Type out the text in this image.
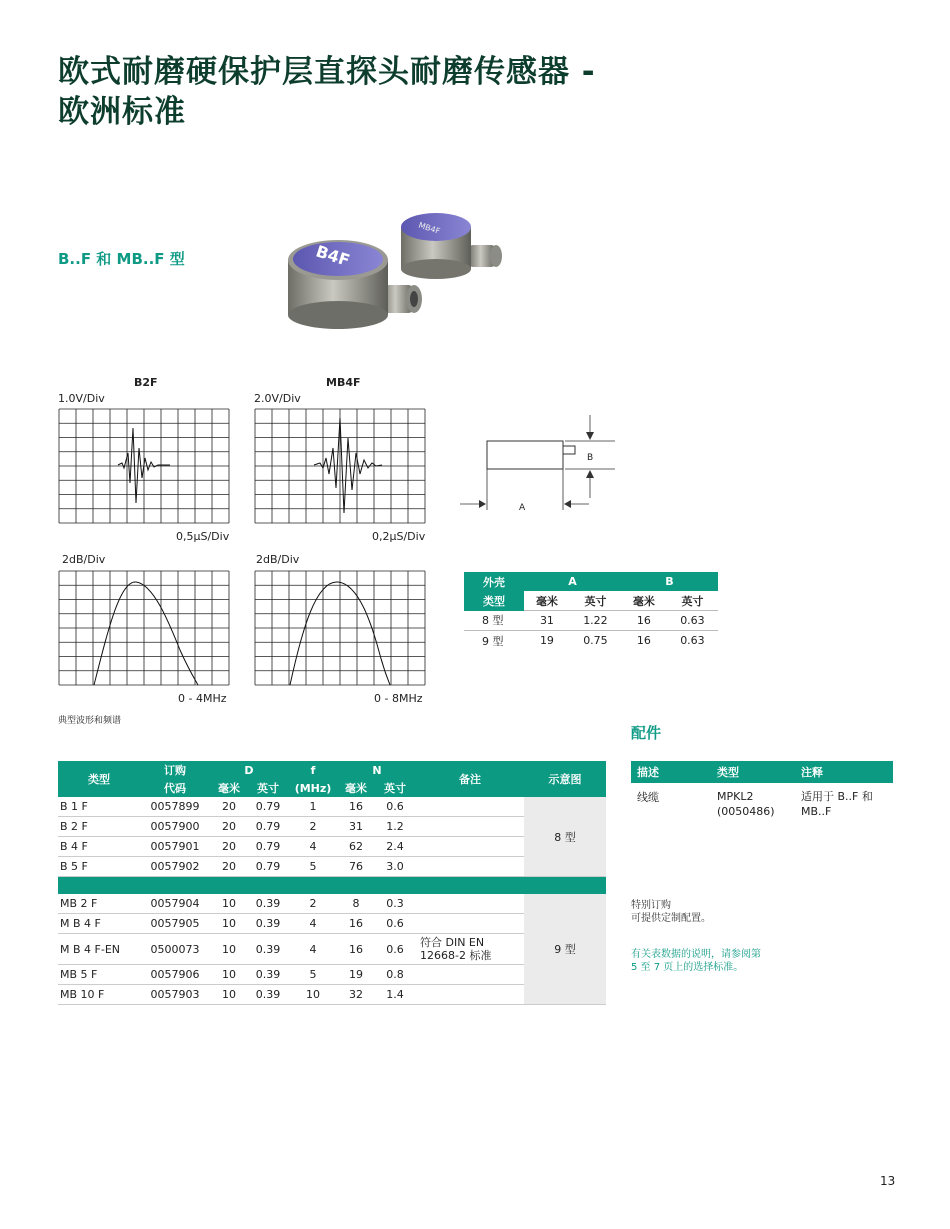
欧式耐磨硬保护层直探头耐磨传感器 -
欧洲标准
B..F 和 MB..F 型
MB4F
B4F
B2F
1.0V/Div
0,5µS/Div
2dB/Div
0 - 4MHz
MB4F
2.0V/Div
0,2µS/Div
2dB/Div
0 - 8MHz
典型波形和频谱
B
A
外壳	A		B	
类型	毫米	英寸	毫米	英寸
8 型	31	1.22	16	0.63
9 型	19	0.75	16	0.63
类型	订购	D		f	N		备注	示意图
	代码	毫米	英寸	(MHz)	毫米	英寸		
B 1 F	0057899	20	0.79	1	16	0.6		8 型
B 2 F	0057900	20	0.79	2	31	1.2		
B 4 F	0057901	20	0.79	4	62	2.4		
B 5 F	0057902	20	0.79	5	76	3.0		

MB 2 F	0057904	10	0.39	2	8	0.3		9 型
M B 4 F	0057905	10	0.39	4	16	0.6		
M B 4 F-EN	0500073	10	0.39	4	16	0.6	符合 DIN EN 12668-2 标准	
MB 5 F	0057906	10	0.39	5	19	0.8		
MB 10 F	0057903	10	0.39	10	32	1.4		
配件
描述	类型	注释
线缆	MPKL2 (0050486)	适用于 B..F 和 MB..F
特别订购
可提供定制配置。
有关表数据的说明，请参阅第
5 至 7 页上的选择标准。
13
